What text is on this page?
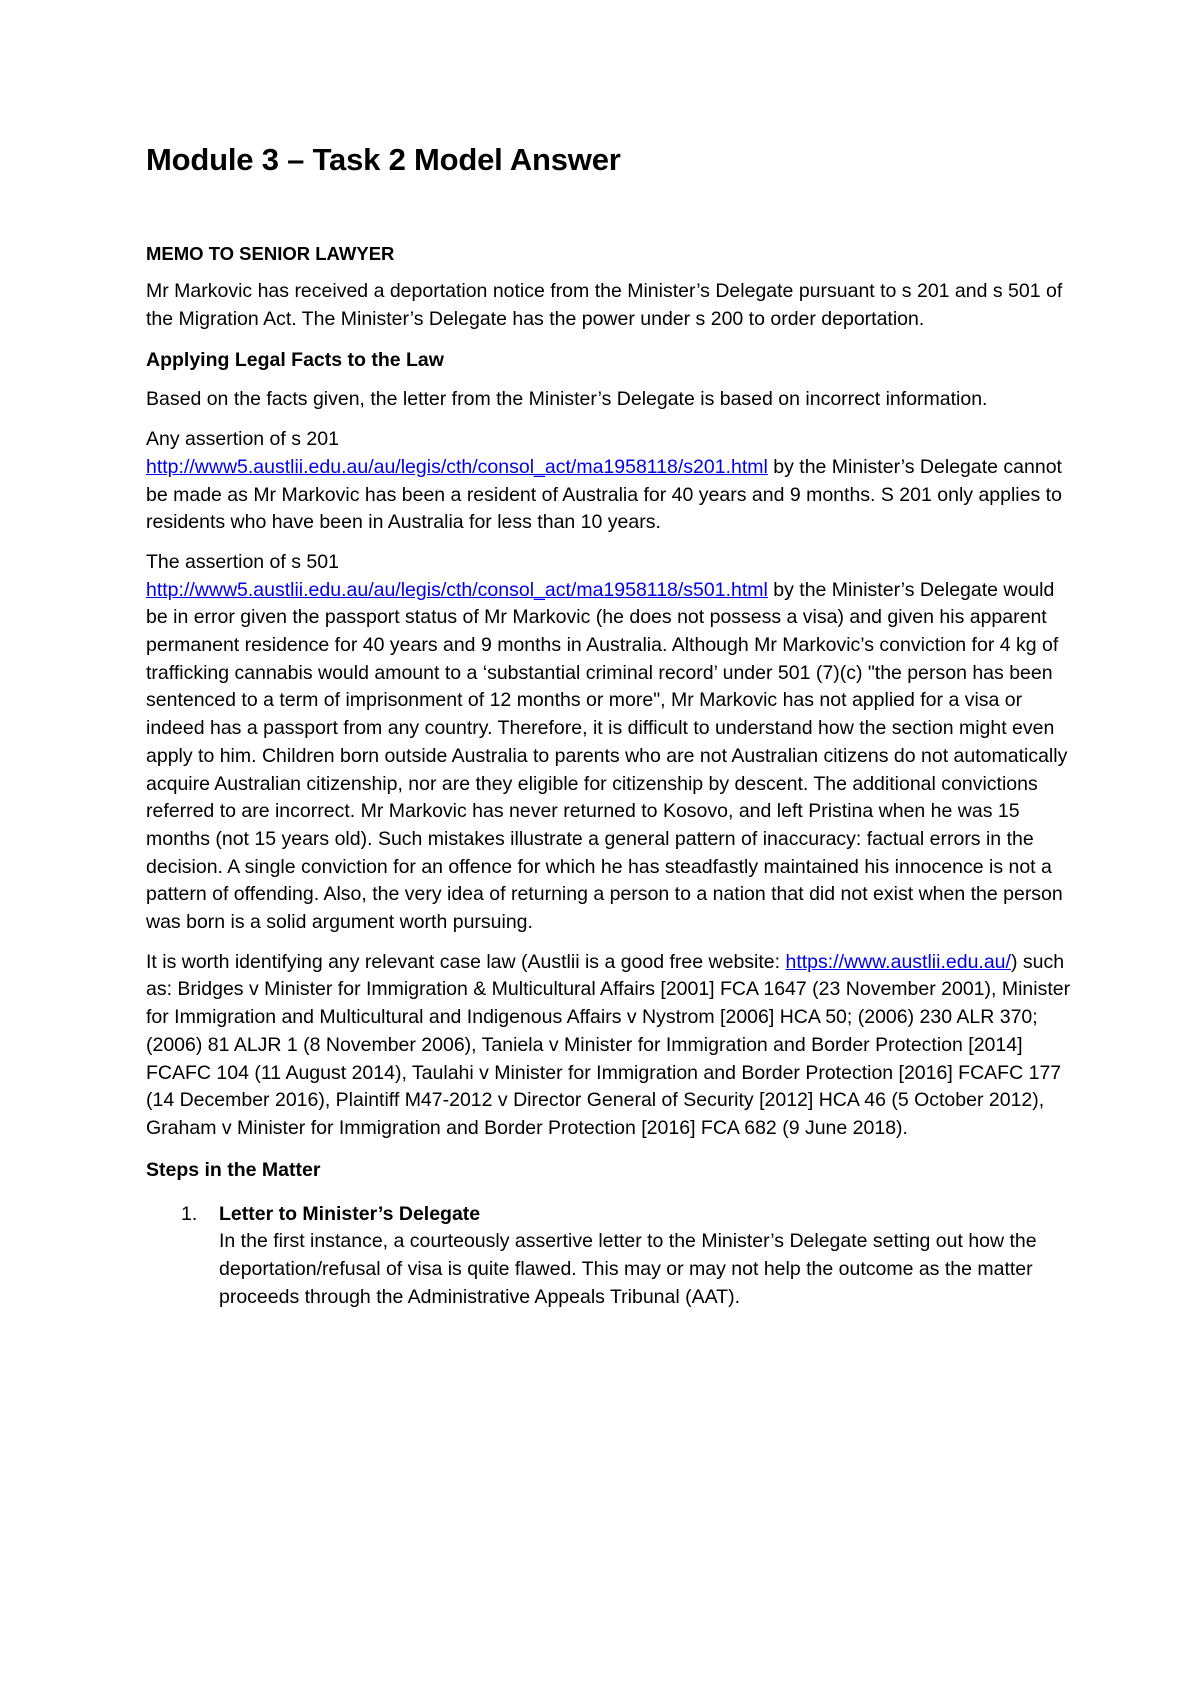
Module 3 – Task 2 Model Answer
MEMO TO SENIOR LAWYER

Mr Markovic has received a deportation notice from the Minister’s Delegate pursuant to s 201 and s 501 of the Migration Act. The Minister’s Delegate has the power under s 200 to order deportation.

Applying Legal Facts to the Law

Based on the facts given, the letter from the Minister’s Delegate is based on incorrect information.

Any assertion of s 201
http://www5.austlii.edu.au/au/legis/cth/consol_act/ma1958118/s201.html by the Minister’s Delegate cannot be made as Mr Markovic has been a resident of Australia for 40 years and 9 months. S 201 only applies to residents who have been in Australia for less than 10 years.

The assertion of s 501
http://www5.austlii.edu.au/au/legis/cth/consol_act/ma1958118/s501.html by the Minister’s Delegate would be in error given the passport status of Mr Markovic (he does not possess a visa) and given his apparent permanent residence for 40 years and 9 months in Australia. Although Mr Markovic’s conviction for 4 kg of trafficking cannabis would amount to a ‘substantial criminal record’ under 501 (7)(c) "the person has been sentenced to a term of imprisonment of 12 months or more", Mr Markovic has not applied for a visa or indeed has a passport from any country. Therefore, it is difficult to understand how the section might even apply to him. Children born outside Australia to parents who are not Australian citizens do not automatically acquire Australian citizenship, nor are they eligible for citizenship by descent. The additional convictions referred to are incorrect. Mr Markovic has never returned to Kosovo, and left Pristina when he was 15 months (not 15 years old). Such mistakes illustrate a general pattern of inaccuracy: factual errors in the decision. A single conviction for an offence for which he has steadfastly maintained his innocence is not a pattern of offending. Also, the very idea of returning a person to a nation that did not exist when the person was born is a solid argument worth pursuing.

It is worth identifying any relevant case law (Austlii is a good free website: https://www.austlii.edu.au/) such as: Bridges v Minister for Immigration & Multicultural Affairs [2001] FCA 1647 (23 November 2001), Minister for Immigration and Multicultural and Indigenous Affairs v Nystrom [2006] HCA 50; (2006) 230 ALR 370; (2006) 81 ALJR 1 (8 November 2006), Taniela v Minister for Immigration and Border Protection [2014] FCAFC 104 (11 August 2014), Taulahi v Minister for Immigration and Border Protection [2016] FCAFC 177 (14 December 2016), Plaintiff M47-2012 v Director General of Security [2012] HCA 46 (5 October 2012), Graham v Minister for Immigration and Border Protection [2016] FCA 682 (9 June 2018).

Steps in the Matter
1. Letter to Minister’s Delegate
In the first instance, a courteously assertive letter to the Minister’s Delegate setting out how the deportation/refusal of visa is quite flawed. This may or may not help the outcome as the matter proceeds through the Administrative Appeals Tribunal (AAT).
